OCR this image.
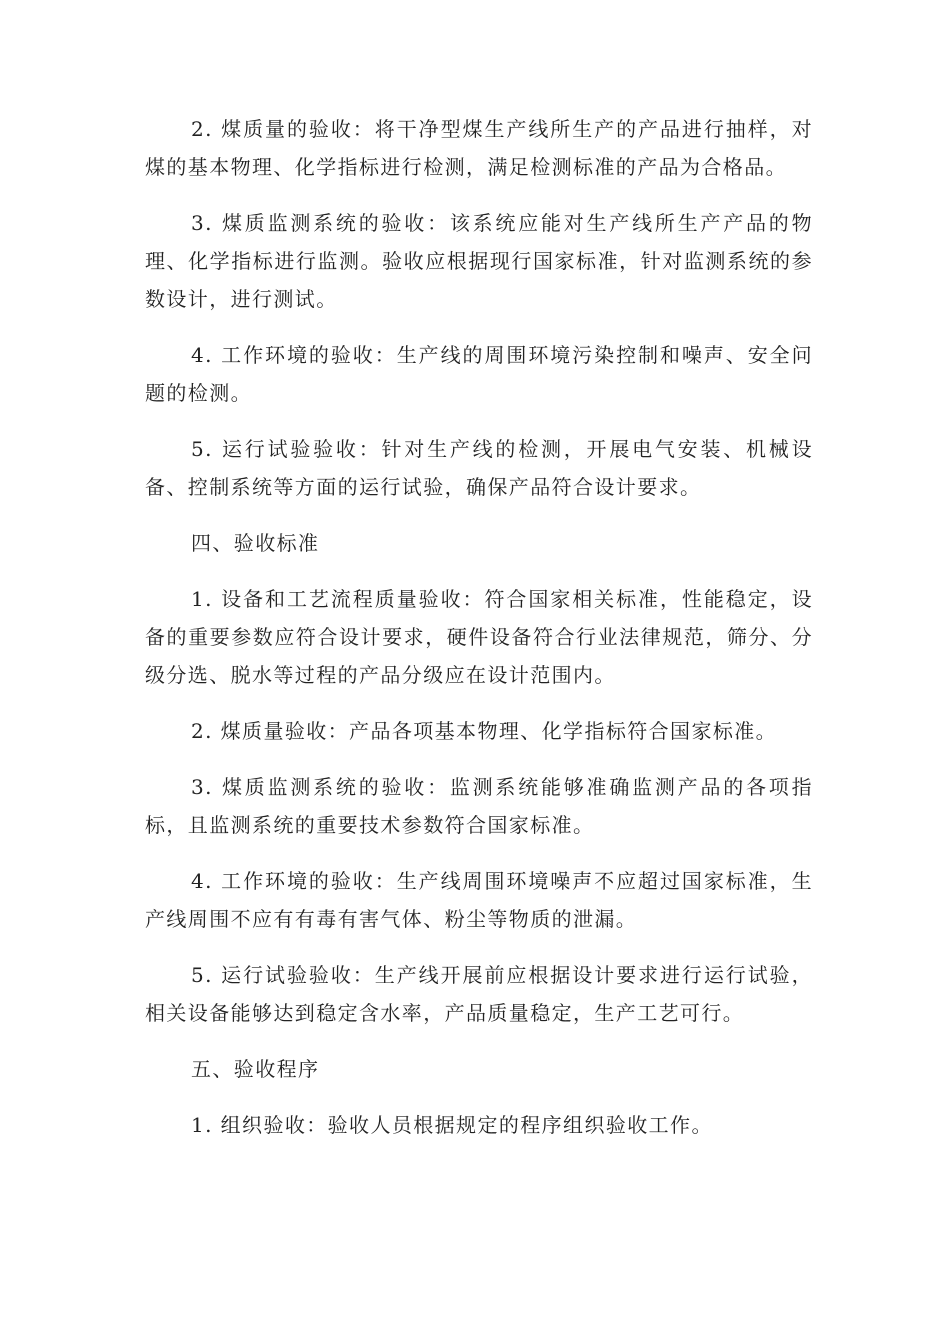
2. 煤质量的验收：将干净型煤生产线所生产的产品进行抽样，对煤的基本物理、化学指标进行检测，满足检测标准的产品为合格品。

3. 煤质监测系统的验收：该系统应能对生产线所生产产品的物理、化学指标进行监测。验收应根据现行国家标准，针对监测系统的参数设计，进行测试。

4. 工作环境的验收：生产线的周围环境污染控制和噪声、安全问题的检测。

5. 运行试验验收：针对生产线的检测，开展电气安装、机械设备、控制系统等方面的运行试验，确保产品符合设计要求。

四、验收标准

1. 设备和工艺流程质量验收：符合国家相关标准，性能稳定，设备的重要参数应符合设计要求，硬件设备符合行业法律规范，筛分、分级分选、脱水等过程的产品分级应在设计范围内。

2. 煤质量验收：产品各项基本物理、化学指标符合国家标准。

3. 煤质监测系统的验收：监测系统能够准确监测产品的各项指标，且监测系统的重要技术参数符合国家标准。

4. 工作环境的验收：生产线周围环境噪声不应超过国家标准，生产线周围不应有有毒有害气体、粉尘等物质的泄漏。

5. 运行试验验收：生产线开展前应根据设计要求进行运行试验，相关设备能够达到稳定含水率，产品质量稳定，生产工艺可行。

五、验收程序

1. 组织验收：验收人员根据规定的程序组织验收工作。
